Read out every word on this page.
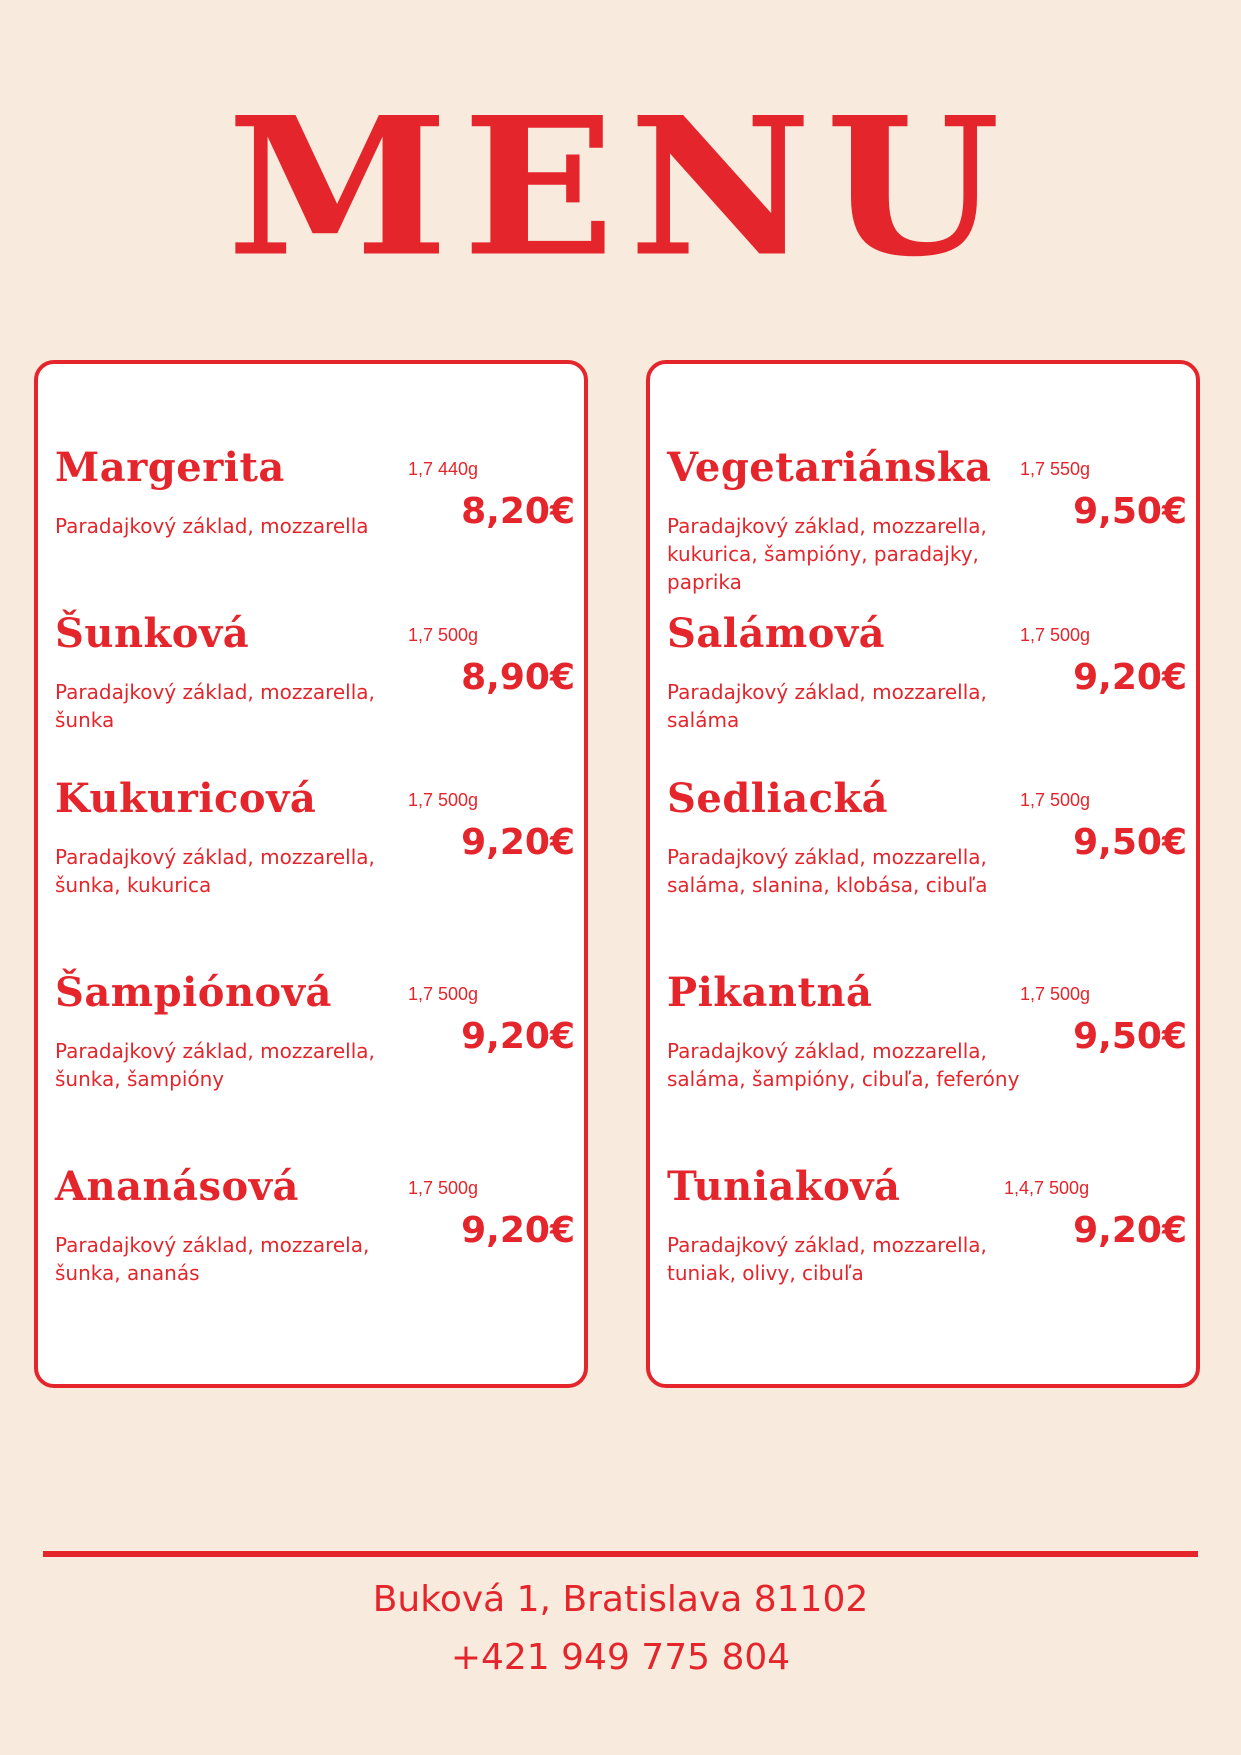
MENU
Margerita	1,7 440g
Paradajkový základ, mozzarella	8,20€
Šunková	1,7 500g
Paradajkový základ, mozzarella, šunka
8,90€
Kukuricová	1,7 500g
Paradajkový základ, mozzarella, šunka, kukurica
9,20€
Šampiónová	1,7 500g
Paradajkový základ, mozzarella, šunka, šampióny
9,20€
Ananásová	1,7 500g
Paradajkový základ, mozzarela, šunka, ananás
9,20€
Vegetariánska 1,7 550g
Paradajkový základ, mozzarella, kukurica, šampióny, paradajky, paprika
9,50€
Salámová	1,7 500g
Paradajkový základ, mozzarella, saláma
9,20€
Sedliacká	1,7 500g
Paradajkový základ, mozzarella, saláma, slanina, klobása, cibuľa
9,50€
Pikantná	1,7 500g
Paradajkový základ, mozzarella, saláma, šampióny, cibuľa, feferóny
9,50€
Tuniaková	1,4,7 500g
Paradajkový základ, mozzarella, tuniak, olivy, cibuľa
9,20€
Buková 1, Bratislava 81102
+421 949 775 804
